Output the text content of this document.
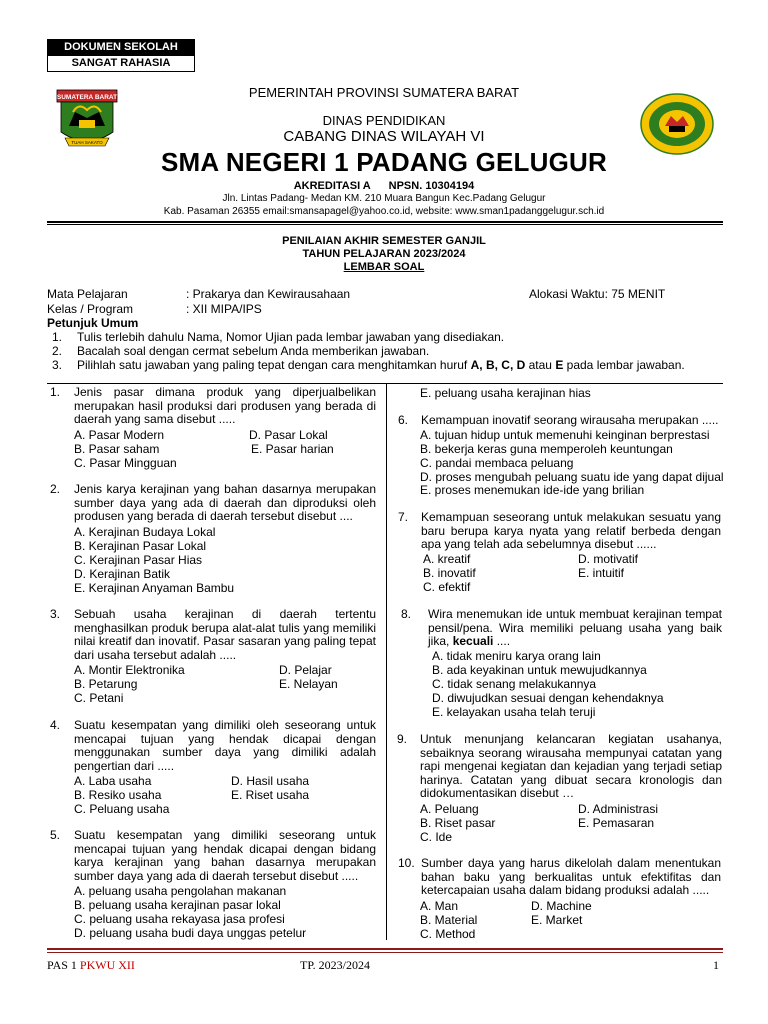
DOKUMEN SEKOLAH
SANGAT RAHASIA
SUMATERA BARAT
TUAH SAKATO
PEMERINTAH PROVINSI SUMATERA BARAT
DINAS PENDIDIKAN
CABANG DINAS WILAYAH VI
SMA NEGERI 1 PADANG GELUGUR
AKREDITASI A      NPSN. 10304194
Jln. Lintas Padang- Medan KM. 210 Muara Bangun Kec.Padang Gelugur
Kab. Pasaman 26355 email:smansapagel@yahoo.co.id, website: www.sman1padanggelugur.sch.id
PENILAIAN AKHIR SEMESTER GANJIL
TAHUN PELAJARAN 2023/2024
LEMBAR SOAL
Mata Pelajaran	: Prakarya dan Kewirausahaan	Alokasi Waktu: 75 MENIT
Kelas / Program	: XII MIPA/IPS
Petunjuk Umum
1. Tulis terlebih dahulu Nama, Nomor Ujian pada lembar jawaban yang disediakan.
2. Bacalah soal dengan cermat sebelum Anda memberikan jawaban.
3. Pilihlah satu jawaban yang paling tepat dengan cara menghitamkan huruf A, B, C, D atau E pada lembar jawaban.
1. Jenis pasar dimana produk yang diperjualbelikan merupakan hasil produksi dari produsen yang berada di daerah yang sama disebut .....
A. Pasar Modern
B. Pasar saham
C. Pasar Mingguan
D. Pasar Lokal
E. Pasar harian
2. Jenis karya kerajinan yang bahan dasarnya merupakan sumber daya yang ada di daerah dan diproduksi oleh produsen yang berada di daerah tersebut disebut ....
A. Kerajinan Budaya Lokal
B. Kerajinan Pasar Lokal
C. Kerajinan Pasar Hias
D. Kerajinan Batik
E. Kerajinan Anyaman Bambu
3. Sebuah usaha kerajinan di daerah tertentu menghasilkan produk berupa alat-alat tulis yang memiliki nilai kreatif dan inovatif. Pasar sasaran yang paling tepat dari usaha tersebut adalah .....
A. Montir Elektronika
B. Petarung
C. Petani
D. Pelajar
E. Nelayan
4. Suatu kesempatan yang dimiliki oleh seseorang untuk mencapai tujuan yang hendak dicapai dengan menggunakan sumber daya yang dimiliki adalah pengertian dari .....
A. Laba usaha
B. Resiko usaha
C. Peluang usaha
D. Hasil usaha
E. Riset usaha
5. Suatu kesempatan yang dimiliki seseorang untuk mencapai tujuan yang hendak dicapai dengan bidang karya kerajinan yang bahan dasarnya merupakan sumber daya yang ada di daerah tersebut disebut .....
A. peluang usaha pengolahan makanan
B. peluang usaha kerajinan pasar lokal
C. peluang usaha rekayasa jasa profesi
D. peluang usaha budi daya unggas petelur
E. peluang usaha kerajinan hias
6. Kemampuan inovatif seorang wirausaha merupakan .....
A. tujuan hidup untuk memenuhi keinginan berprestasi
B. bekerja keras guna memperoleh keuntungan
C. pandai membaca peluang
D. proses mengubah peluang suatu ide yang dapat dijual
E. proses menemukan ide-ide yang brilian
7. Kemampuan seseorang untuk melakukan sesuatu yang baru berupa karya nyata yang relatif berbeda dengan apa yang telah ada sebelumnya disebut ......
A. kreatif
B. inovatif
C. efektif
D. motivatif
E. intuitif
8. Wira menemukan ide untuk membuat kerajinan tempat pensil/pena. Wira memiliki peluang usaha yang baik jika, kecuali ....
A. tidak meniru karya orang lain
B. ada keyakinan untuk mewujudkannya
C. tidak senang melakukannya
D. diwujudkan sesuai dengan kehendaknya
E. kelayakan usaha telah teruji
9. Untuk menunjang kelancaran kegiatan usahanya, sebaiknya seorang wirausaha mempunyai catatan yang rapi mengenai kegiatan dan kejadian yang terjadi setiap harinya. Catatan yang dibuat secara kronologis dan didokumentasikan disebut …
A. Peluang
B. Riset pasar
C. Ide
D. Administrasi
E. Pemasaran
10. Sumber daya yang harus dikelolah dalam menentukan bahan baku yang berkualitas untuk efektifitas dan ketercapaian usaha dalam bidang produksi adalah .....
A. Man
B. Material
C. Method
D. Machine
E. Market
PAS 1 PKWU XII	TP. 2023/2024	1
